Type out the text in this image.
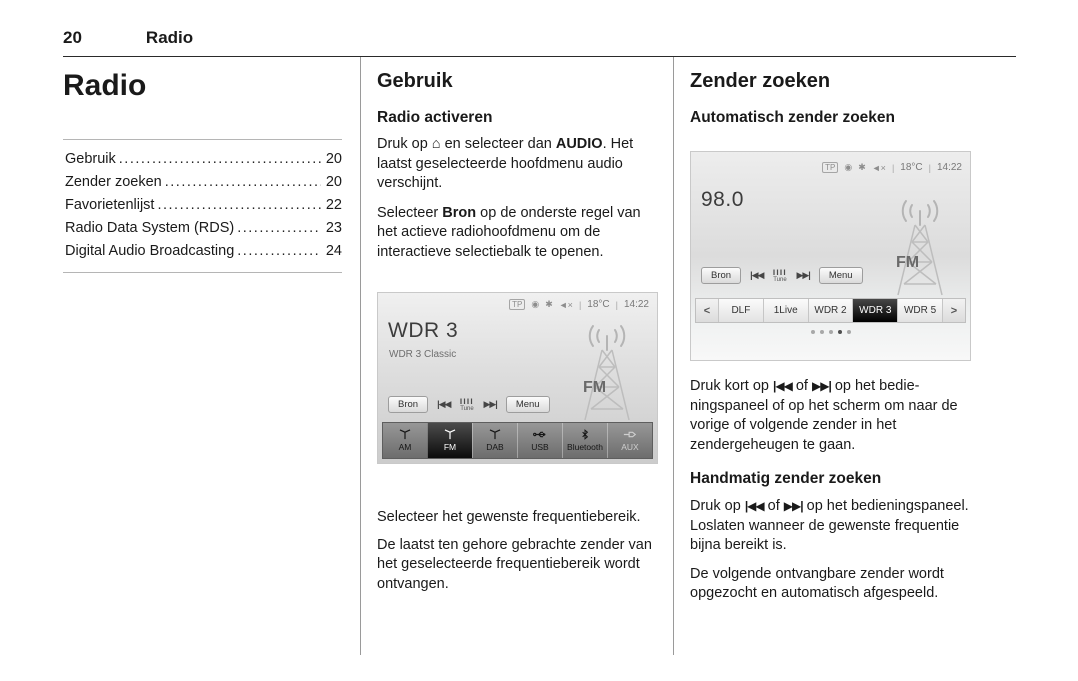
20	Radio
Radio
Gebruik .....	20
Zender zoeken .....	20
Favorietenlijst .....	22
Radio Data System (RDS) .....	23
Digital Audio Broadcasting .....	24
Gebruik
Radio activeren

Druk op ⌂ en selecteer dan AUDIO. Het laatst geselecteerde hoofdmenu audio verschijnt.

Selecteer Bron op de onderste regel van het actieve radiohoofdmenu om de interactieve selectiebalk te openen.

TP	◉ ✱ ◄× | 18°C | 14:22
WDR 3
WDR 3 Classic
FM
Bron	|◀◀ Tune ▶▶|	Menu
AM	FM	DAB	USB Bluetooth AUX

Selecteer het gewenste frequentiebereik.

De laatst ten gehore gebrachte zender van het geselecteerde frequentiebereik wordt ontvangen.

Zender zoeken
Automatisch zender zoeken
TP	◉ ✱ ◄× | 18°C | 14:22
98.0
FM
Bron	|◀◀ Tune ▶▶|	Menu
<	DLF	1Live	WDR 2	WDR 3	WDR 5	>

Druk kort op |◀◀ of ▶▶| op het bedieningspaneel of op het scherm om naar de vorige of volgende zender in het zendergeheugen te gaan.

Handmatig zender zoeken

Druk op |◀◀ of ▶▶| op het bedieningspaneel. Loslaten wanneer de gewenste frequentie bijna bereikt is.

De volgende ontvangbare zender wordt opgezocht en automatisch afgespeeld.
